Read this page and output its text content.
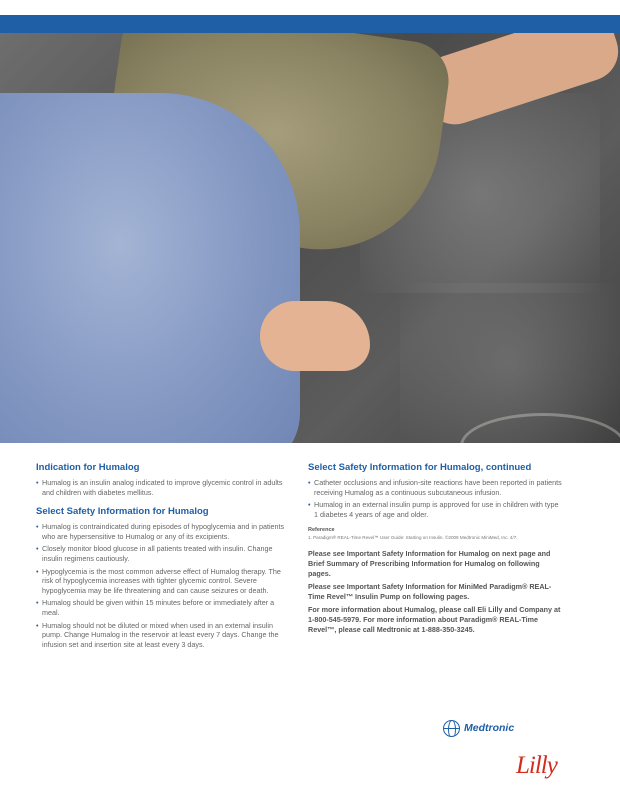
Indication for Humalog
• Humalog is an insulin analog indicated to improve glycemic control in adults and children with diabetes mellitus.
Select Safety Information for Humalog
• Humalog is contraindicated during episodes of hypoglycemia and in patients who are hypersensitive to Humalog or any of its excipients.
• Closely monitor blood glucose in all patients treated with insulin. Change insulin regimens cautiously.
• Hypoglycemia is the most common adverse effect of Humalog therapy. The risk of hypoglycemia increases with tighter glycemic control. Severe hypoglycemia may be life threatening and can cause seizures or death.
• Humalog should be given within 15 minutes before or immediately after a meal.
• Humalog should not be diluted or mixed when used in an external insulin pump. Change Humalog in the reservoir at least every 7 days. Change the infusion set and insertion site at least every 3 days.
Select Safety Information for Humalog, continued
• Catheter occlusions and infusion-site reactions have been reported in patients receiving Humalog as a continuous subcutaneous infusion.
• Humalog in an external insulin pump is approved for use in children with type 1 diabetes 4 years of age and older.
Reference
1. Paradigm® REAL-Time Revel™ User Guide: Starting on Insulin. ©2009 Medtronic MiniMed, Inc. 4/7.
Please see Important Safety Information for Humalog on next page and Brief Summary of Prescribing Information for Humalog on following pages.
Please see Important Safety Information for MiniMed Paradigm® REAL-Time Revel™ Insulin Pump on following pages.
For more information about Humalog, please call Eli Lilly and Company at 1-800-545-5979. For more information about Paradigm® REAL-Time Revel™, please call Medtronic at 1-888-350-3245.
Medtronic
Lilly
